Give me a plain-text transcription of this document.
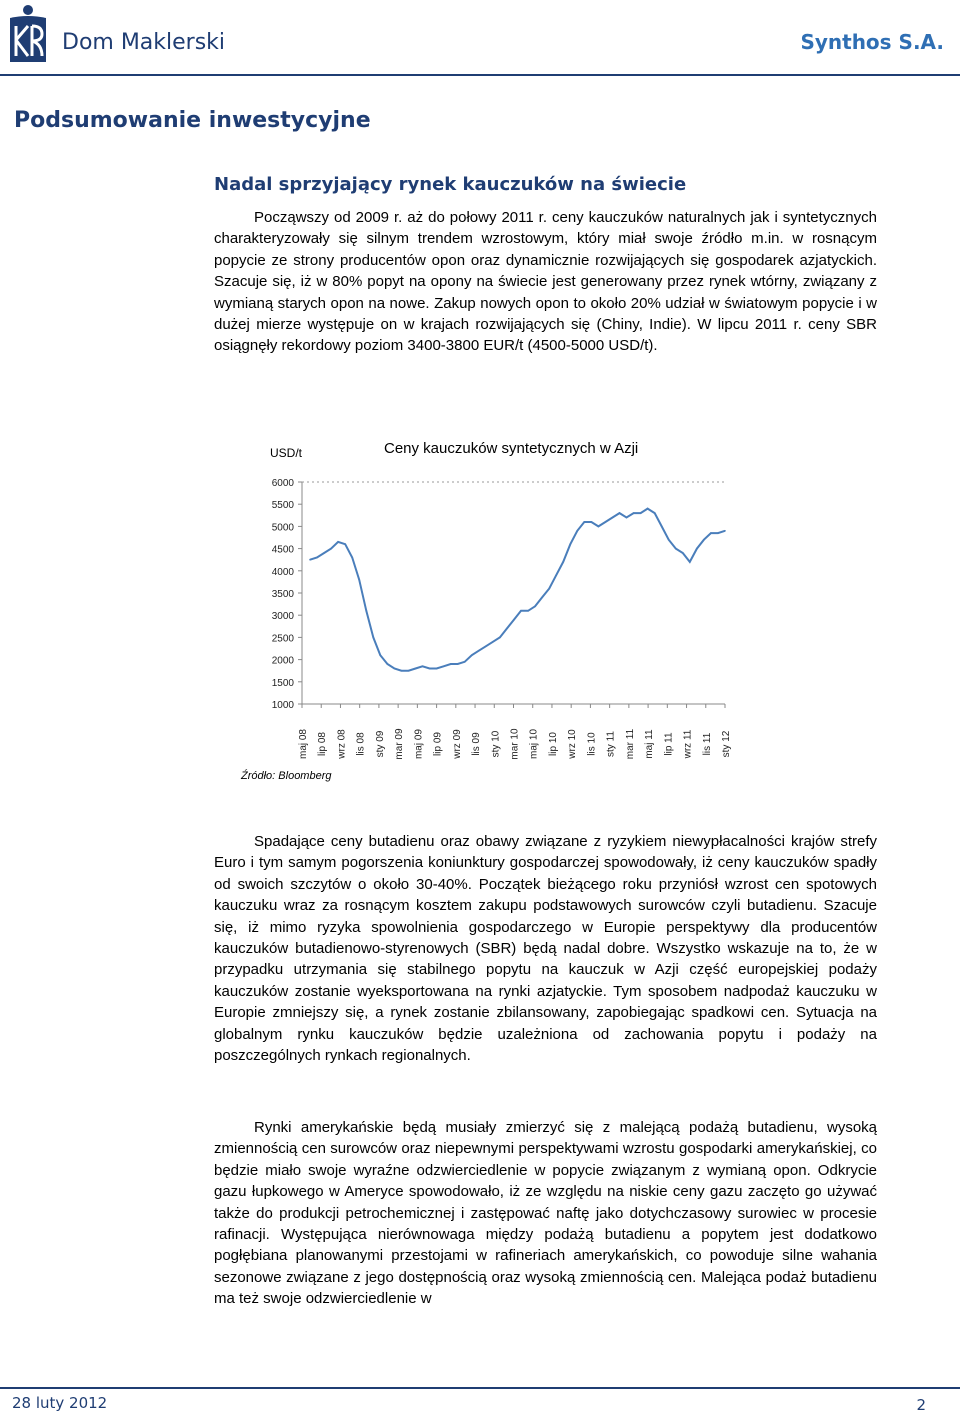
Dom Maklerski	Synthos S.A.
Podsumowanie inwestycyjne
Nadal sprzyjający rynek kauczuków na świecie
Począwszy od 2009 r. aż do połowy 2011 r. ceny kauczuków naturalnych jak i syntetycznych charakteryzowały się silnym trendem wzrostowym, który miał swoje źródło m.in. w rosnącym popycie ze strony producentów opon oraz dynamicznie rozwijających się gospodarek azjatyckich. Szacuje się, iż w 80% popyt na opony na świecie jest generowany przez rynek wtórny, związany z wymianą starych opon na nowe. Zakup nowych opon to około 20% udział w światowym popycie i w dużej mierze występuje on w krajach rozwijających się (Chiny, Indie). W lipcu 2011 r. ceny SBR osiągnęły rekordowy poziom 3400-3800 EUR/t (4500-5000 USD/t).
USD/t	Ceny kauczuków syntetycznych w Azji
1000
1500
2000
2500
3000
3500
4000
4500
5000
5500
6000
maj 08 lip 08 wrz 08 lis 08 sty 09 mar 09 maj 09 lip 09 wrz 09 lis 09 sty 10 mar 10 maj 10 lip 10 wrz 10 lis 10 sty 11 mar 11 maj 11 lip 11 wrz 11 lis 11 sty 12
Źródło: Bloomberg
Spadające ceny butadienu oraz obawy związane z ryzykiem niewypłacalności krajów strefy Euro i tym samym pogorszenia koniunktury gospodarczej spowodowały, iż ceny kauczuków spadły od swoich szczytów o około 30-40%. Początek bieżącego roku przyniósł wzrost cen spotowych kauczuku wraz za rosnącym kosztem zakupu podstawowych surowców czyli butadienu. Szacuje się, iż mimo ryzyka spowolnienia gospodarczego w Europie perspektywy dla producentów kauczuków butadienowo-styrenowych (SBR) będą nadal dobre. Wszystko wskazuje na to, że w przypadku utrzymania się stabilnego popytu na kauczuk w Azji część europejskiej podaży kauczuków zostanie wyeksportowana na rynki azjatyckie. Tym sposobem nadpodaż kauczuku w Europie zmniejszy się, a rynek zostanie zbilansowany, zapobiegając spadkowi cen. Sytuacja na globalnym rynku kauczuków będzie uzależniona od zachowania popytu i podaży na poszczególnych rynkach regionalnych.
Rynki amerykańskie będą musiały zmierzyć się z malejącą podażą butadienu, wysoką zmiennością cen surowców oraz niepewnymi perspektywami wzrostu gospodarki amerykańskiej, co będzie miało swoje wyraźne odzwierciedlenie w popycie związanym z wymianą opon. Odkrycie gazu łupkowego w Ameryce spowodowało, iż ze względu na niskie ceny gazu zaczęto go używać także do produkcji petrochemicznej i zastępować naftę jako dotychczasowy surowiec w procesie rafinacji. Występująca nierównowaga między podażą butadienu a popytem jest dodatkowo pogłębiana planowanymi przestojami w rafineriach amerykańskich, co powoduje silne wahania sezonowe związane z jego dostępnością oraz wysoką zmiennością cen. Malejąca podaż butadienu ma też swoje odzwierciedlenie w
28 luty 2012	2
